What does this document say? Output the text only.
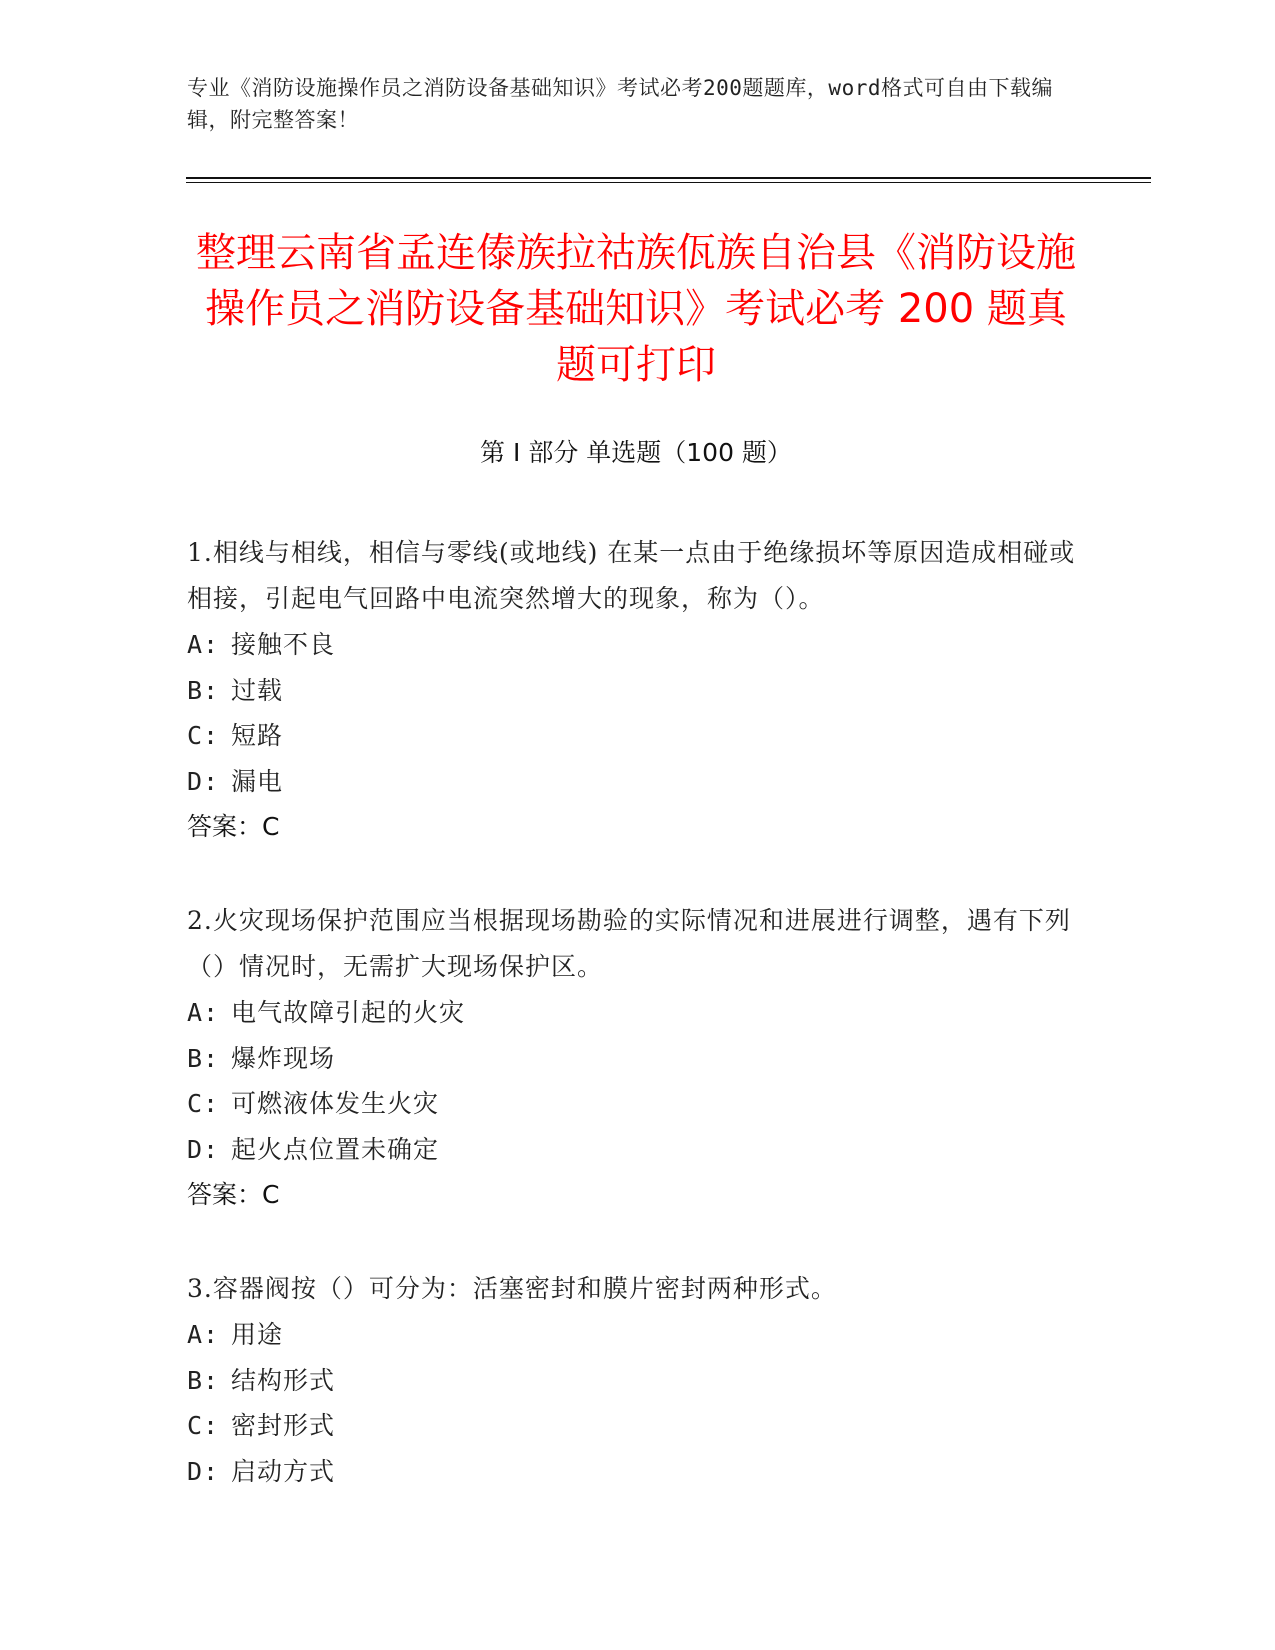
专业《消防设施操作员之消防设备基础知识》考试必考200题题库，word格式可自由下载编辑，附完整答案！
整理云南省孟连傣族拉祜族佤族自治县《消防设施操作员之消防设备基础知识》考试必考 200 题真题可打印
第 I 部分 单选题（100 题）
1.相线与相线，相信与零线(或地线) 在某一点由于绝缘损坏等原因造成相碰或相接，引起电气回路中电流突然增大的现象，称为（）。
A: 接触不良
B: 过载
C: 短路
D: 漏电
答案：C
2.火灾现场保护范围应当根据现场勘验的实际情况和进展进行调整，遇有下列（）情况时，无需扩大现场保护区。
A: 电气故障引起的火灾
B: 爆炸现场
C: 可燃液体发生火灾
D: 起火点位置未确定
答案：C
3.容器阀按（）可分为：活塞密封和膜片密封两种形式。
A: 用途
B: 结构形式
C: 密封形式
D: 启动方式
